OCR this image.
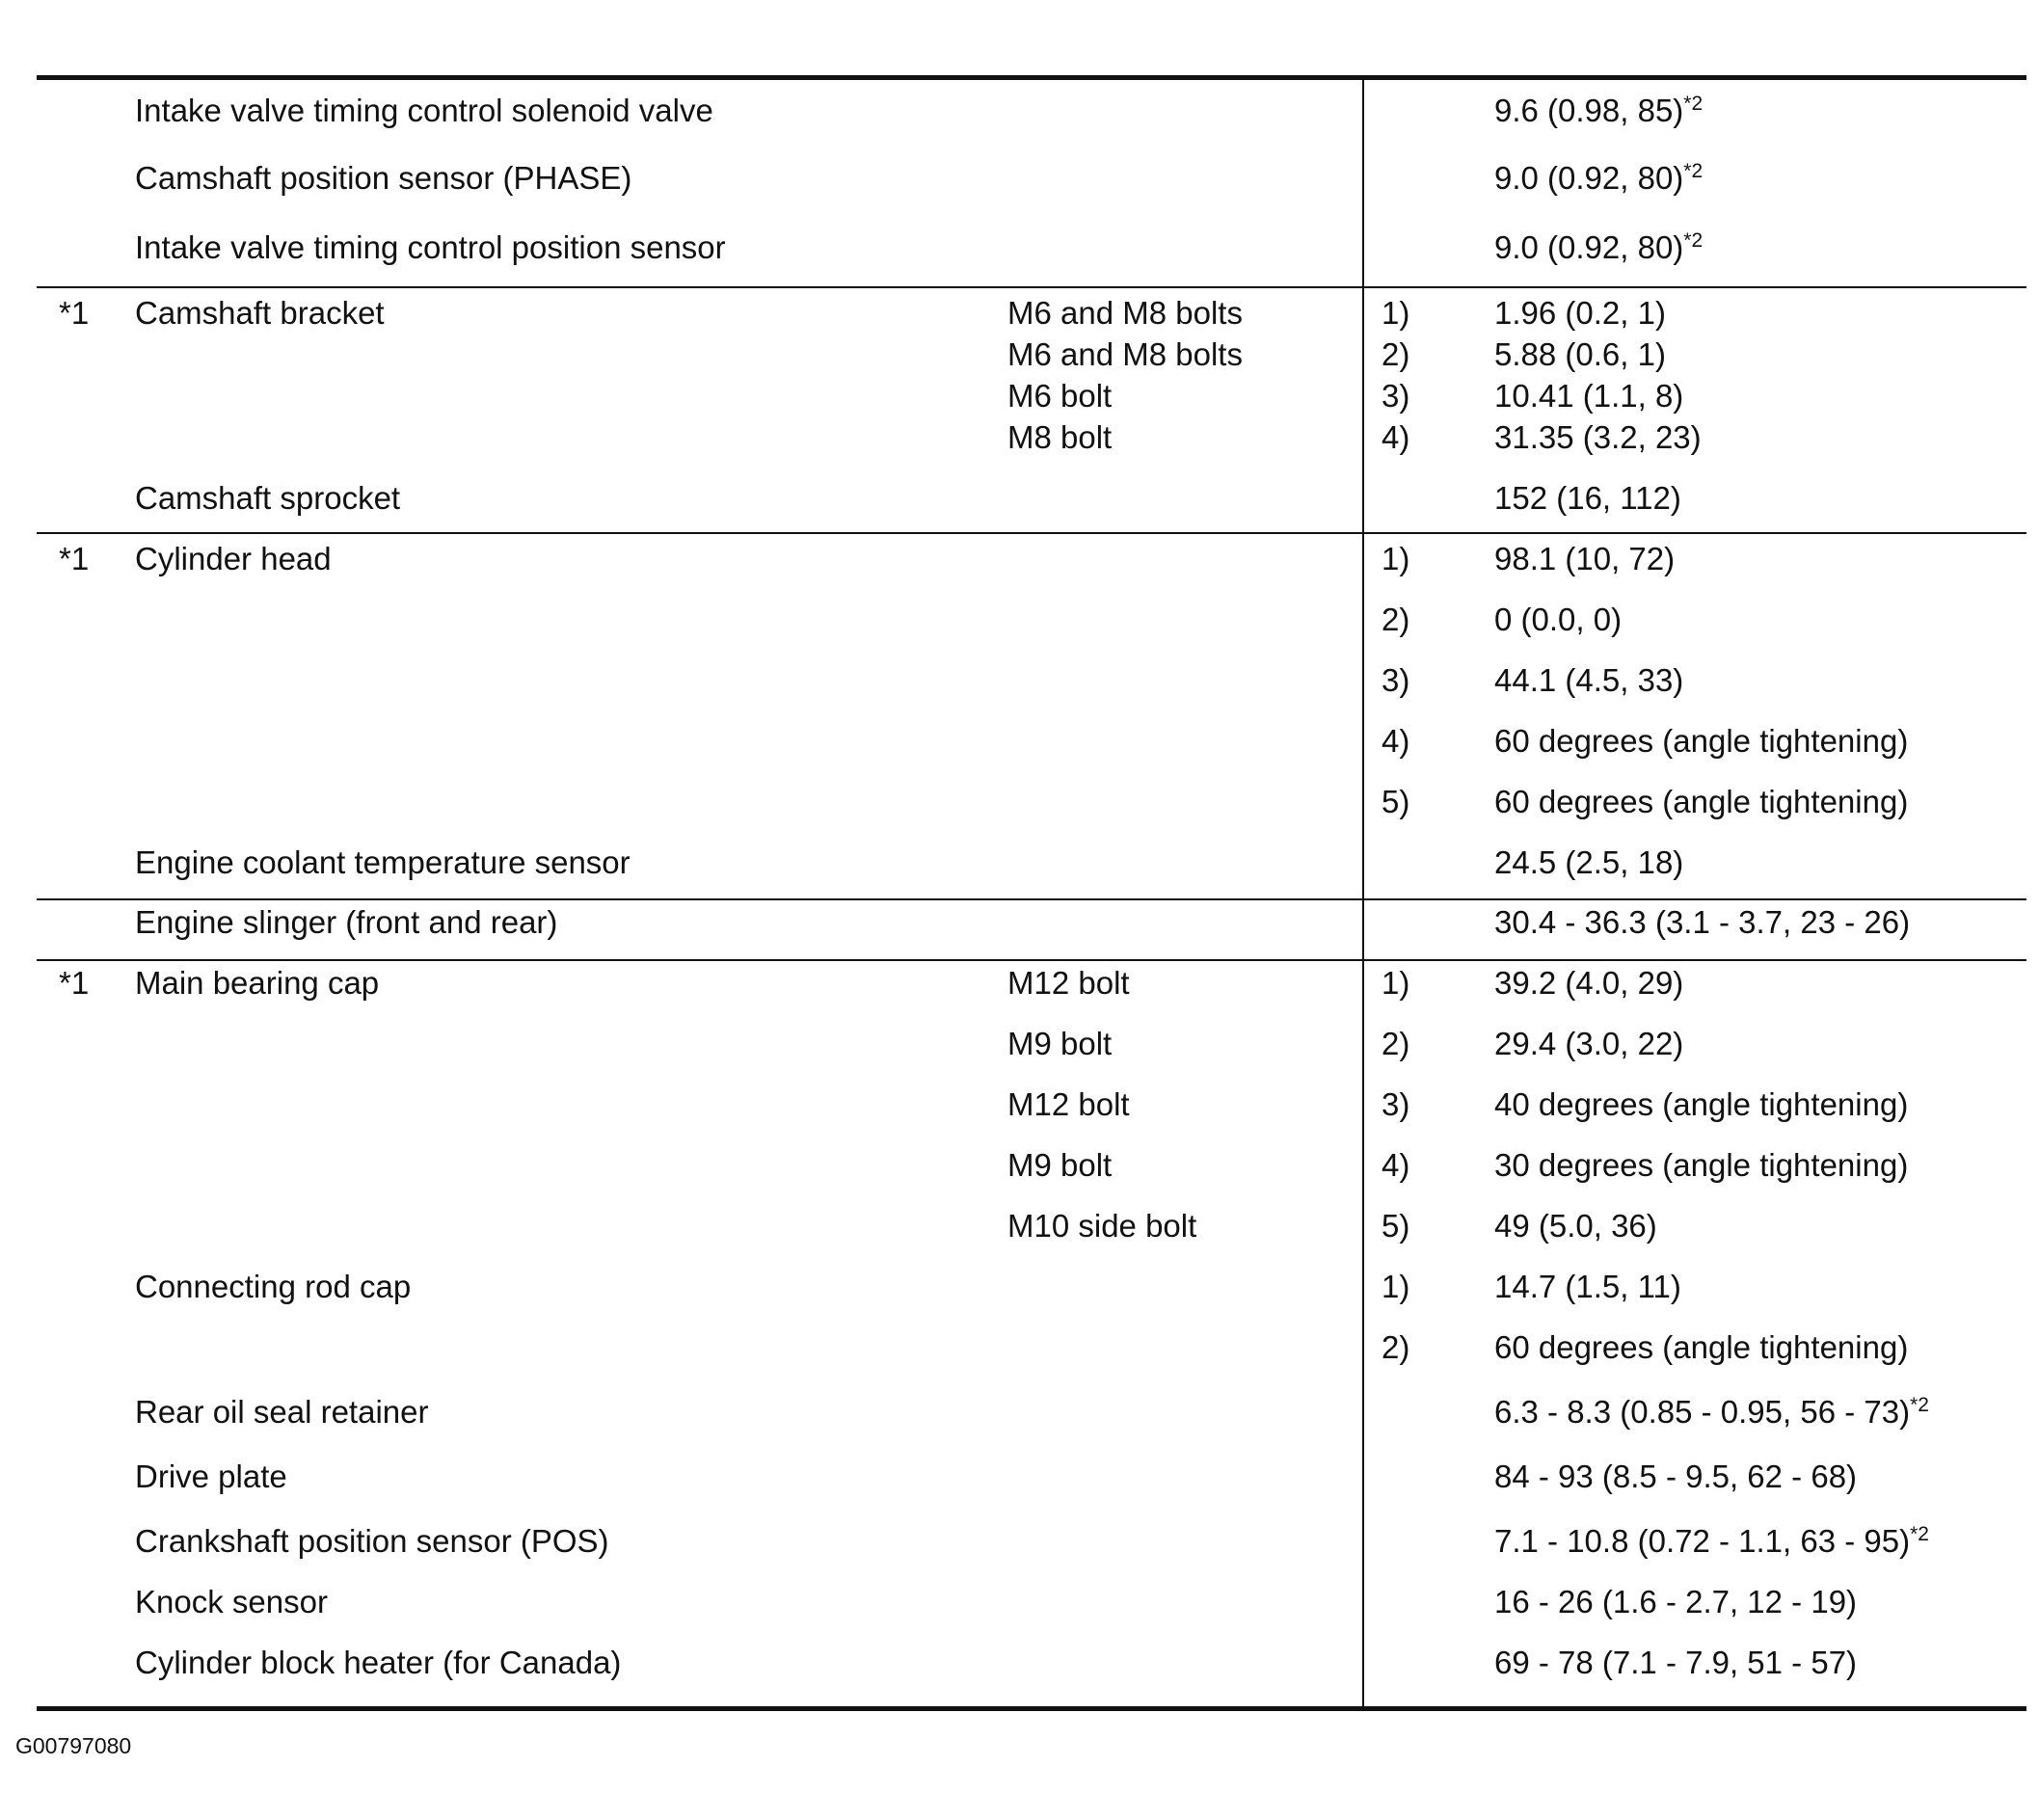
Intake valve timing control solenoid valve	9.6 (0.98, 85)$^{*2}$
Camshaft position sensor (PHASE)	9.0 (0.92, 80)$^{*2}$
Intake valve timing control position sensor	9.0 (0.92, 80)$^{*2}$
*1 Camshaft bracket	M6 and M8 bolts	1)	1.96 (0.2, 1)
M6 and M8 bolts	2)	5.88 (0.6, 1)
M6 bolt	3)	10.41 (1.1, 8)
M8 bolt	4)	31.35 (3.2, 23)
Camshaft sprocket	152 (16, 112)
*1 Cylinder head	1)	98.1 (10, 72)
2)	0 (0.0, 0)
3)	44.1 (4.5, 33)
4)	60 degrees (angle tightening)
5)	60 degrees (angle tightening)
Engine coolant temperature sensor	24.5 (2.5, 18)
Engine slinger (front and rear)	30.4 - 36.3 (3.1 - 3.7, 23 - 26)
*1 Main bearing cap	M12 bolt	1)	39.2 (4.0, 29)
M9 bolt	2)	29.4 (3.0, 22)
M12 bolt	3)	40 degrees (angle tightening)
M9 bolt	4)	30 degrees (angle tightening)
M10 side bolt	5)	49 (5.0, 36)
Connecting rod cap	1)	14.7 (1.5, 11)
2)	60 degrees (angle tightening)
Rear oil seal retainer	6.3 - 8.3 (0.85 - 0.95, 56 - 73)$^{*2}$
Drive plate	84 - 93 (8.5 - 9.5, 62 - 68)
Crankshaft position sensor (POS)	7.1 - 10.8 (0.72 - 1.1, 63 - 95)$^{*2}$
Knock sensor	16 - 26 (1.6 - 2.7, 12 - 19)
Cylinder block heater (for Canada)	69 - 78 (7.1 - 7.9, 51 - 57)
G00797080
